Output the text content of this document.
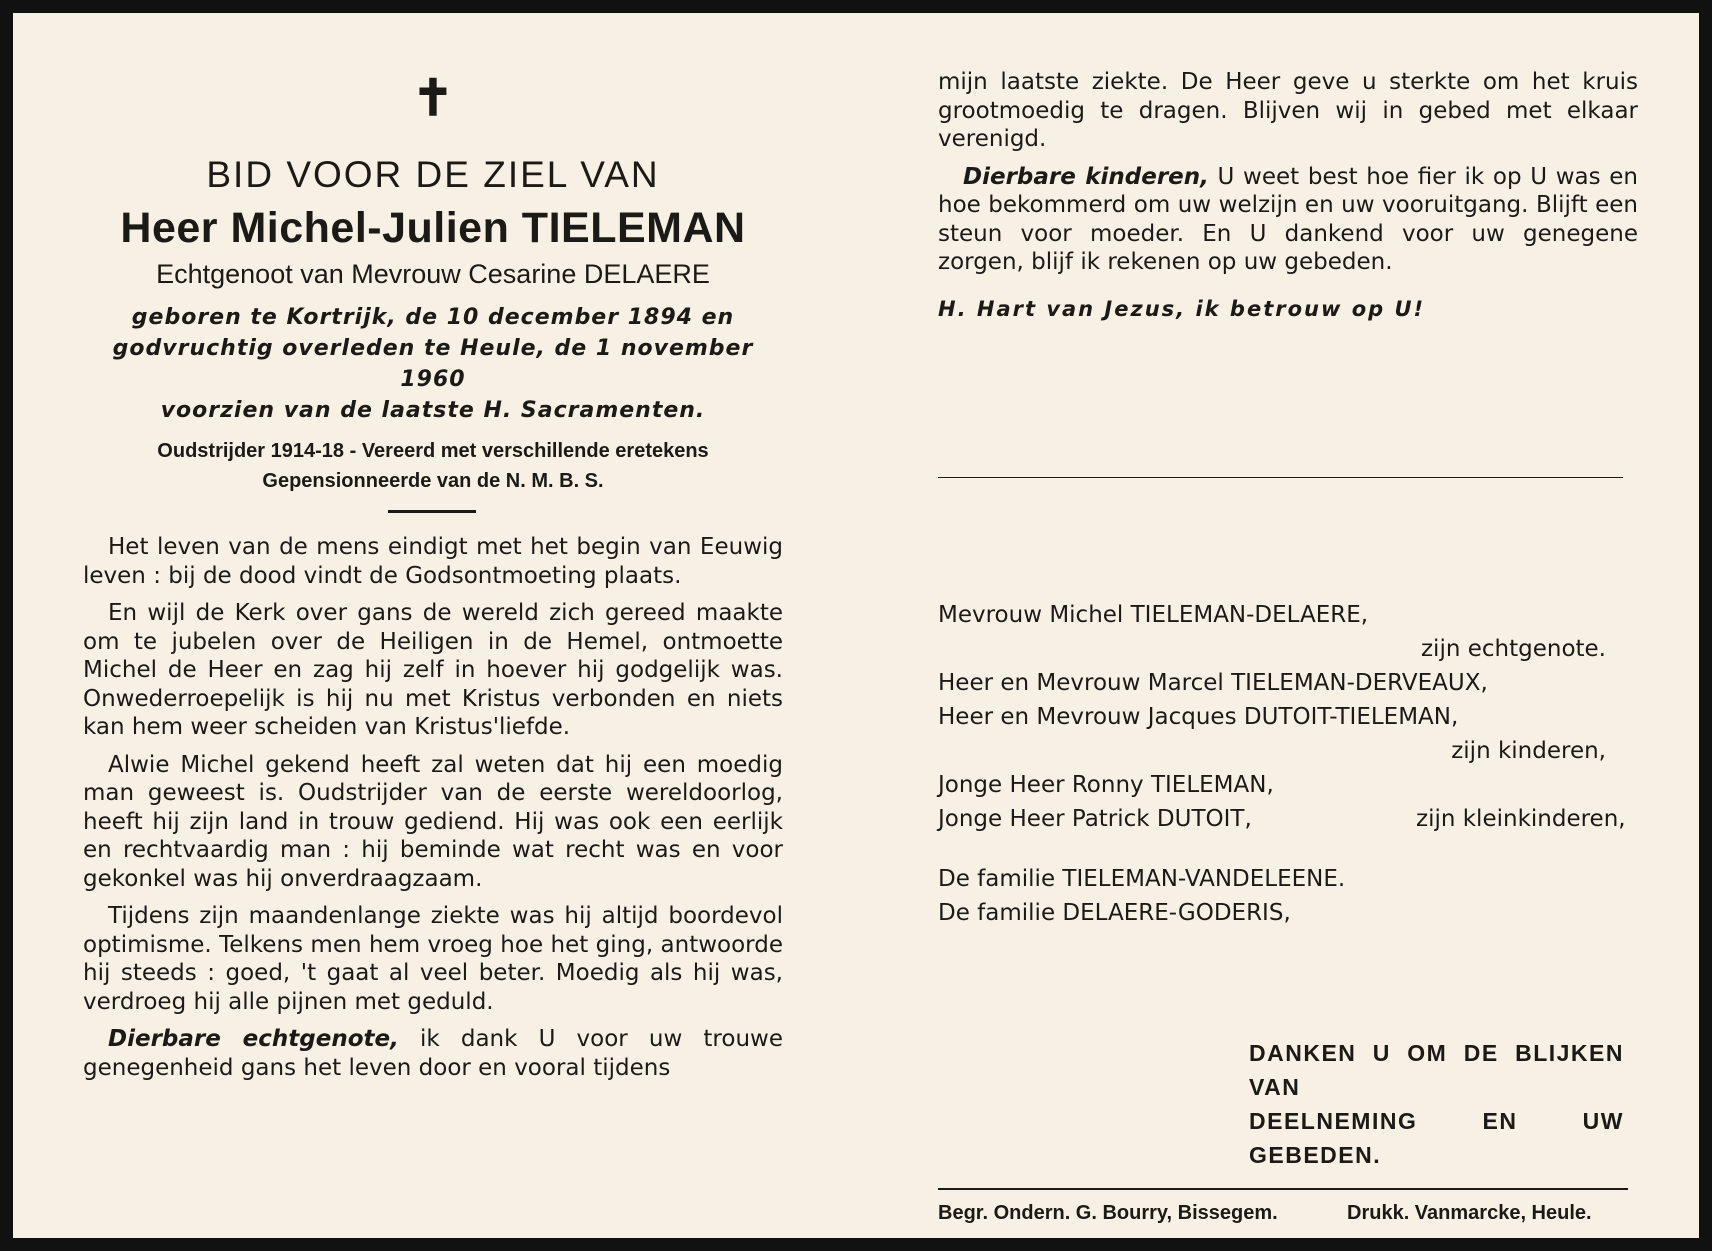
✝
BID VOOR DE ZIEL VAN
Heer Michel-Julien TIELEMAN
Echtgenoot van Mevrouw Cesarine DELAERE
geboren te Kortrijk, de 10 december 1894 en
godvruchtig overleden te Heule, de 1 november 1960
voorzien van de laatste H. Sacramenten.
Oudstrijder 1914-18 - Vereerd met verschillende eretekens
Gepensionneerde van de N. M. B. S.

Het leven van de mens eindigt met het begin van Eeuwig leven : bij de dood vindt de Godsontmoeting plaats.

En wijl de Kerk over gans de wereld zich gereed maakte om te jubelen over de Heiligen in de Hemel, ontmoette Michel de Heer en zag hij zelf in hoever hij godgelijk was. Onwederroepelijk is hij nu met Kristus verbonden en niets kan hem weer scheiden van Kristus'liefde.

Alwie Michel gekend heeft zal weten dat hij een moedig man geweest is. Oudstrijder van de eerste wereldoorlog, heeft hij zijn land in trouw gediend. Hij was ook een eerlijk en rechtvaardig man : hij beminde wat recht was en voor gekonkel was hij onverdraagzaam.

Tijdens zijn maandenlange ziekte was hij altijd boordevol optimisme. Telkens men hem vroeg hoe het ging, antwoorde hij steeds : goed, 't gaat al veel beter. Moedig als hij was, verdroeg hij alle pijnen met geduld.

Dierbare echtgenote, ik dank U voor uw trouwe genegenheid gans het leven door en vooral tijdens

mijn laatste ziekte. De Heer geve u sterkte om het kruis grootmoedig te dragen. Blijven wij in gebed met elkaar verenigd.

Dierbare kinderen, U weet best hoe fier ik op U was en hoe bekommerd om uw welzijn en uw vooruitgang. Blijft een steun voor moeder. En U dankend voor uw genegene zorgen, blijf ik rekenen op uw gebeden.

H. Hart van Jezus, ik betrouw op U!
Mevrouw Michel TIELEMAN-DELAERE,
zijn echtgenote.
Heer en Mevrouw Marcel TIELEMAN-DERVEAUX,
Heer en Mevrouw Jacques DUTOIT-TIELEMAN,
zijn kinderen,
Jonge Heer Ronny TIELEMAN,
Jonge Heer Patrick DUTOIT,	zijn kleinkinderen,
De familie TIELEMAN-VANDELEENE.
De familie DELAERE-GODERIS,
DANKEN U OM DE BLIJKEN VAN
DEELNEMING EN UW GEBEDEN.
Begr. Ondern. G. Bourry, Bissegem.	Drukk. Vanmarcke, Heule.
